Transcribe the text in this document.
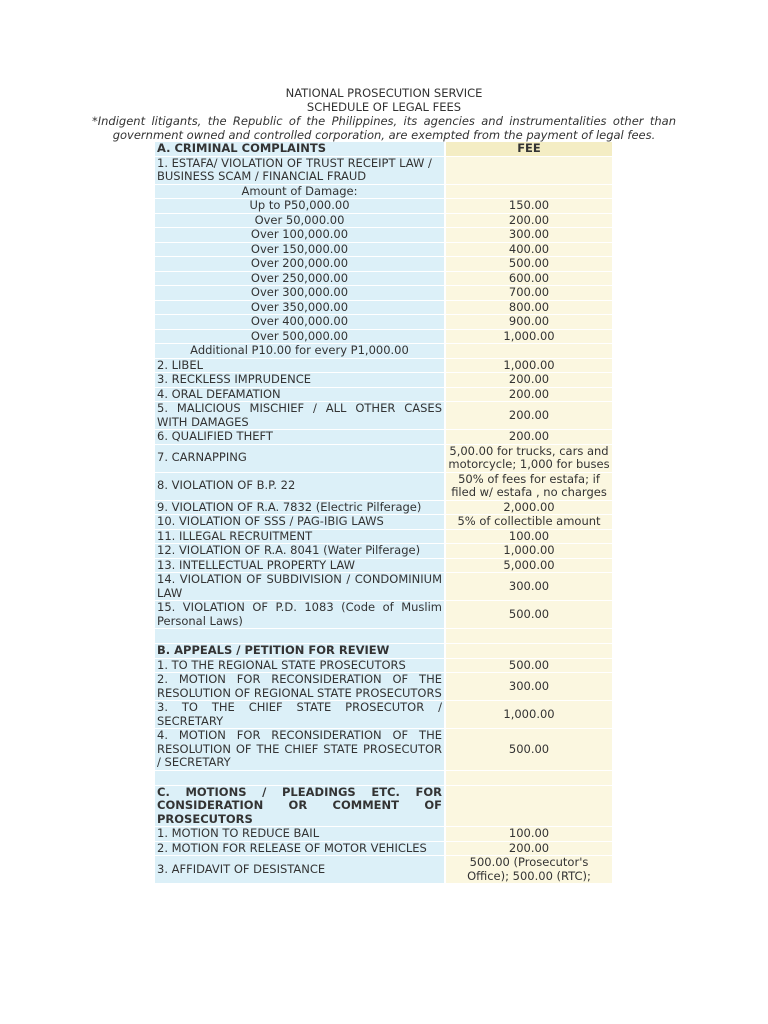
NATIONAL PROSECUTION SERVICE
SCHEDULE OF LEGAL FEES
*Indigent litigants, the Republic of the Philippines, its agencies and instrumentalities other than government owned and controlled corporation, are exempted from the payment of legal fees.
A. CRIMINAL COMPLAINTS	FEE
1. ESTAFA/ VIOLATION OF TRUST RECEIPT LAW / BUSINESS SCAM / FINANCIAL FRAUD	
Amount of Damage:	
Up to P50,000.00	150.00
Over 50,000.00	200.00
Over 100,000.00	300.00
Over 150,000.00	400.00
Over 200,000.00	500.00
Over 250,000.00	600.00
Over 300,000.00	700.00
Over 350,000.00	800.00
Over 400,000.00	900.00
Over 500,000.00	1,000.00
Additional P10.00 for every P1,000.00	
2. LIBEL	1,000.00
3. RECKLESS IMPRUDENCE	200.00
4. ORAL DEFAMATION	200.00
5. MALICIOUS MISCHIEF / ALL OTHER CASES WITH DAMAGES	200.00
6. QUALIFIED THEFT	200.00
7. CARNAPPING	5,00.00 for trucks, cars and motorcycle; 1,000 for buses
8. VIOLATION OF B.P. 22	50% of fees for estafa; if filed w/ estafa , no charges
9. VIOLATION OF R.A. 7832 (Electric Pilferage)	2,000.00
10. VIOLATION OF SSS / PAG-IBIG LAWS	5% of collectible amount
11. ILLEGAL RECRUITMENT	100.00
12. VIOLATION OF R.A. 8041 (Water Pilferage)	1,000.00
13. INTELLECTUAL PROPERTY LAW	5,000.00
14. VIOLATION OF SUBDIVISION / CONDOMINIUM LAW	300.00
15. VIOLATION OF P.D. 1083 (Code of Muslim Personal Laws)	500.00

B. APPEALS / PETITION FOR REVIEW	
1. TO THE REGIONAL STATE PROSECUTORS	500.00
2. MOTION FOR RECONSIDERATION OF THE RESOLUTION OF REGIONAL STATE PROSECUTORS	300.00
3. TO THE CHIEF STATE PROSECUTOR / SECRETARY	1,000.00
4. MOTION FOR RECONSIDERATION OF THE RESOLUTION OF THE CHIEF STATE PROSECUTOR / SECRETARY	500.00

C. MOTIONS / PLEADINGS ETC. FOR CONSIDERATION OR COMMENT OF PROSECUTORS	
1. MOTION TO REDUCE BAIL	100.00
2. MOTION FOR RELEASE OF MOTOR VEHICLES	200.00
3. AFFIDAVIT OF DESISTANCE	500.00 (Prosecutor's Office); 500.00 (RTC);
